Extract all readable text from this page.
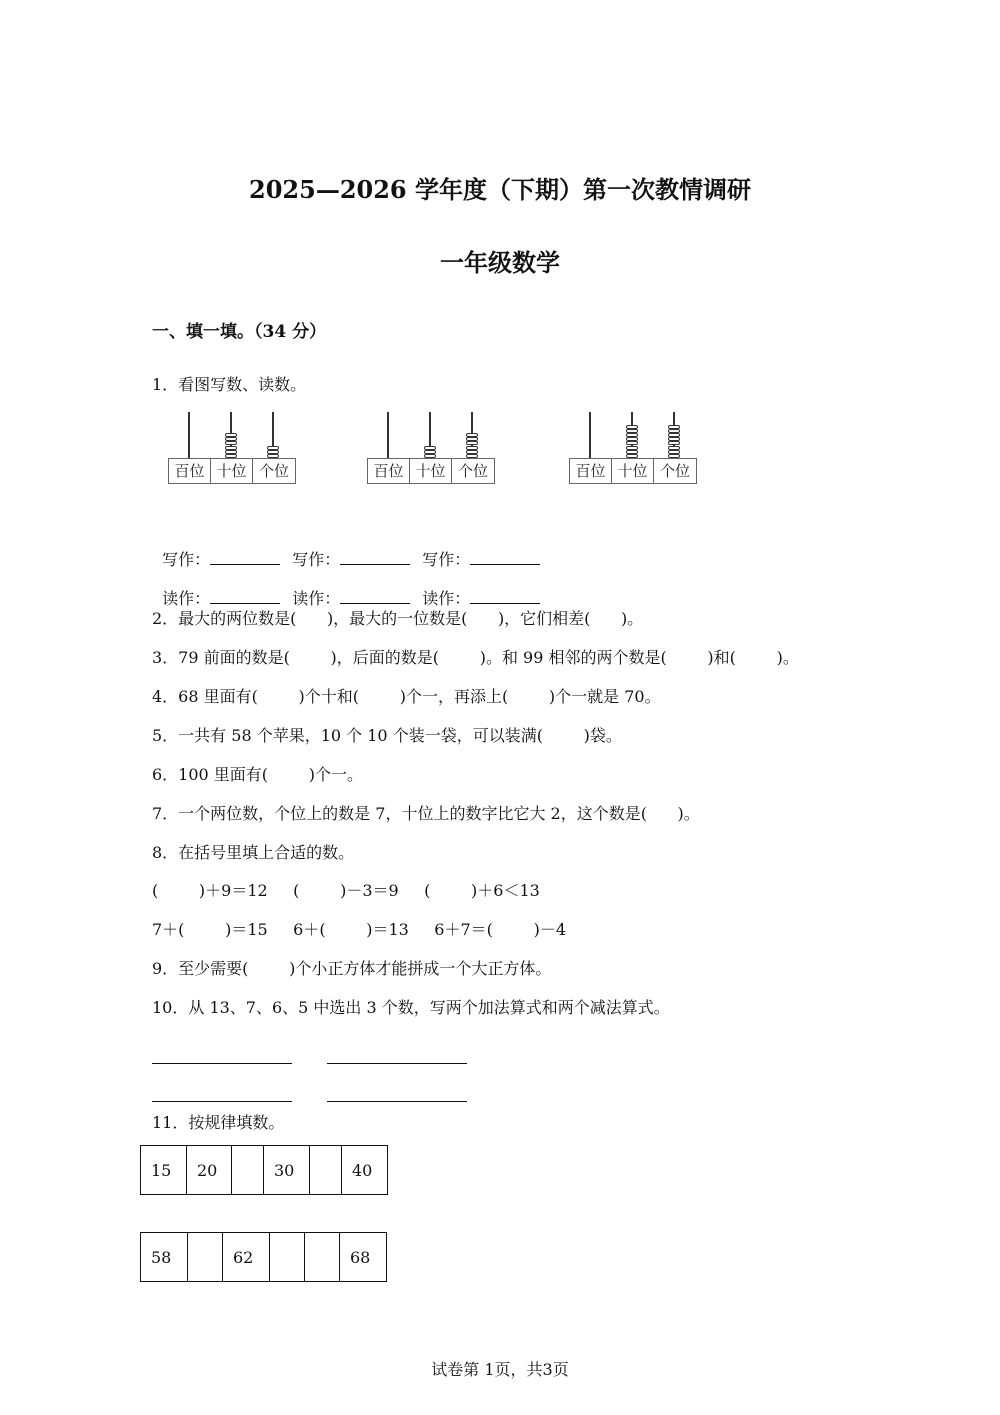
2025—2026 学年度（下期）第一次教情调研
一年级数学
一、填一填。（34 分）
1．看图写数、读数。
百位 十位 个位	百位 十位 个位	百位 十位 个位

写作：	写作：	写作：

读作：	读作：	读作：

2．最大的两位数是(      )，最大的一位数是(      )，它们相差(      )。
3．79 前面的数是(        )，后面的数是(        )。和 99 相邻的两个数是(        )和(        )。
4．68 里面有(        )个十和(        )个一，再添上(        )个一就是 70。
5．一共有 58 个苹果，10 个 10 个装一袋，可以装满(        )袋。
6．100 里面有(        )个一。
7．一个两位数，个位上的数是 7，十位上的数字比它大 2，这个数是(      )。
8．在括号里填上合适的数。
(        )＋9＝12     (        )－3＝9     (        )＋6＜13
7＋(        )＝15     6＋(        )＝13     6＋7＝(        )－4
9．至少需要(        )个小正方体才能拼成一个大正方体。
10．从 13、7、6、5 中选出 3 个数，写两个加法算式和两个减法算式。
11．按规律填数。
15	20		30		40
58		62			68
试卷第 1页，共3页
